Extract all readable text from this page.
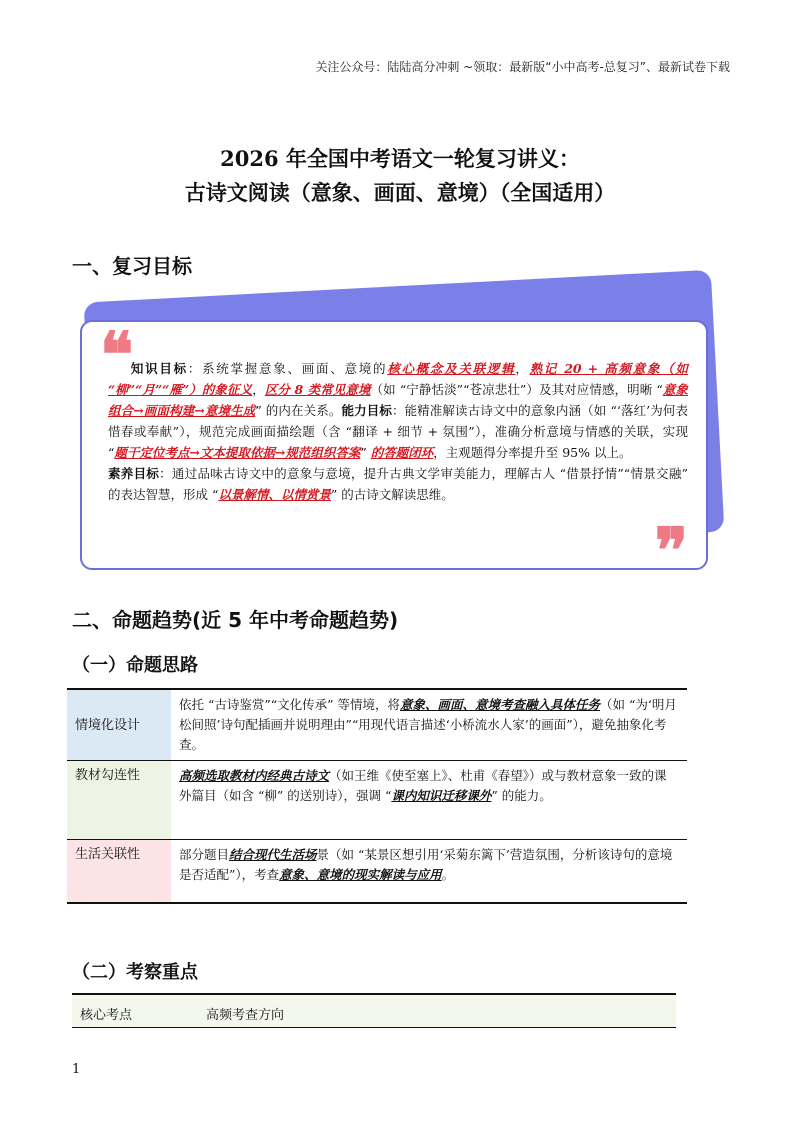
关注公众号：陆陆高分冲刺 ~领取：最新版“小中高考-总复习”、最新试卷下载
2026 年全国中考语文一轮复习讲义：
古诗文阅读（意象、画面、意境）（全国适用）
一、复习目标
❝
知识目标：系统掌握意象、画面、意境的核心概念及关联逻辑，熟记 20 + 高频意象（如 “柳”“月”“雁”）的象征义，区分 8 类常见意境（如 “宁静恬淡”“苍凉悲壮”）及其对应情感，明晰 “意象组合→画面构建→意境生成” 的内在关系。能力目标：能精准解读古诗文中的意象内涵（如 “‘落红’为何表惜春或奉献”），规范完成画面描绘题（含 “翻译 + 细节 + 氛围”），准确分析意境与情感的关联，实现 “题干定位考点→文本提取依据→规范组织答案” 的答题闭环，主观题得分率提升至 95% 以上。
素养目标：通过品味古诗文中的意象与意境，提升古典文学审美能力，理解古人 “借景抒情”“情景交融” 的表达智慧，形成 “以景解情、以情赏景” 的古诗文解读思维。
❞
二、命题趋势(近 5 年中考命题趋势)
（一）命题思路
情境化设计	依托 “古诗鉴赏”“文化传承” 等情境，将意象、画面、意境考查融入具体任务（如 “为‘明月松间照’诗句配插画并说明理由”“用现代语言描述‘小桥流水人家’的画面”），避免抽象化考查。
教材勾连性	高频选取教材内经典古诗文（如王维《使至塞上》、杜甫《春望》）或与教材意象一致的课外篇目（如含 “柳” 的送别诗），强调 “课内知识迁移课外” 的能力。
生活关联性	部分题目结合现代生活场景（如 “某景区想引用‘采菊东篱下’营造氛围，分析该诗句的意境是否适配”），考查意象、意境的现实解读与应用。
（二）考察重点
核心考点	高频考查方向
1
